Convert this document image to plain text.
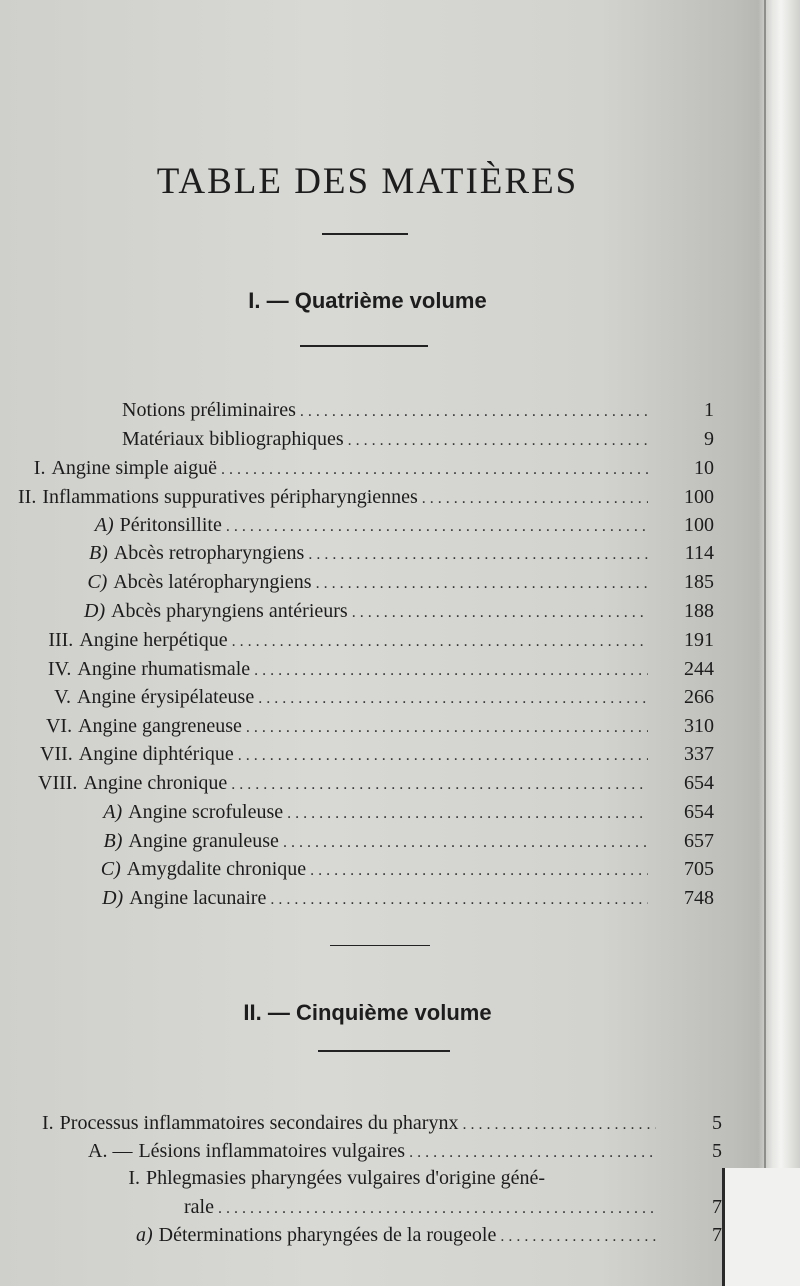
TABLE DES MATIÈRES
I. — Quatrième volume
Notions préliminaires . . .	1
Matériaux bibliographiques . . .	9
I. Angine simple aiguë . . .	10
II. Inflammations suppuratives péripharyngiennes . . .	100
A) Péritonsillite . . .	100
B) Abcès retropharyngiens . . .	114
C) Abcès latéropharyngiens . . .	185
D) Abcès pharyngiens antérieurs . . .	188
III. Angine herpétique . . .	191
IV. Angine rhumatismale . . .	244
V. Angine érysipélateuse . . .	266
VI. Angine gangreneuse . . .	310
VII. Angine diphtérique . . .	337
VIII. Angine chronique . . .	654
A) Angine scrofuleuse . . .	654
B) Angine granuleuse . . .	657
C) Amygdalite chronique . . .	705
D) Angine lacunaire . . .	748
II. — Cinquième volume
I. Processus inflammatoires secondaires du pharynx . . .	5
A. — Lésions inflammatoires vulgaires . . .	5
I. Phlegmasies pharyngées vulgaires d'origine géné-
rale . . .	7
a) Déterminations pharyngées de la rougeole . . .	7
